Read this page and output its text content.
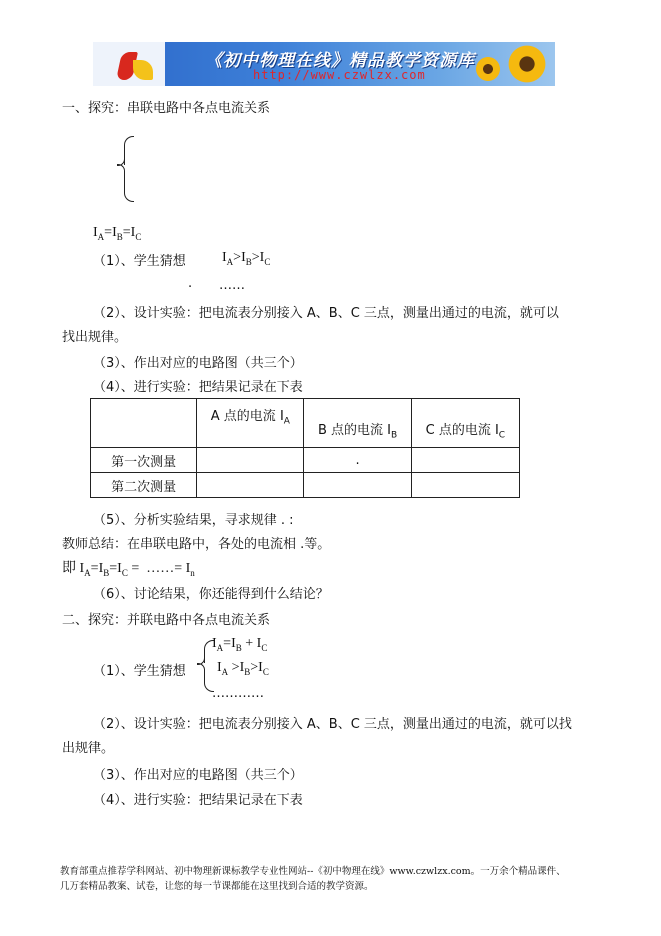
《初中物理在线》精品教学资源库
http://www.czwlzx.com
一、探究：串联电路中各点电流关系
$I_A=I_B=I_C$
（1）、学生猜想	$I_A>I_B>I_C$
. ……
（2）、设计实验：把电流表分别接入 A、B、C 三点，测量出通过的电流，就可以
找出规律。
（3）、作出对应的电路图（共三个）
（4）、进行实验：把结果记录在下表
	A 点的电流 $I_A$	B 点的电流 $I_B$	C 点的电流 $I_C$
第一次测量		.	
第二次测量			
（5）、分析实验结果，寻求规律 . :
教师总结：在串联电路中，各处的电流相 .等。
即 $I_A=I_B=I_C$ =  ……= $I_n$
（6）、讨论结果，你还能得到什么结论？
二、探究：并联电路中各点电流关系
$I_A=I_B + I_C$
（1）、学生猜想 $I_A >I_B>I_C$
…………
（2）、设计实验：把电流表分别接入 A、B、C 三点，测量出通过的电流，就可以找
出规律。
（3）、作出对应的电路图（共三个）
（4）、进行实验：把结果记录在下表
教育部重点推荐学科网站、初中物理新课标教学专业性网站--《初中物理在线》www.czwlzx.com。一万余个精品课件、
几万套精品教案、试卷，让您的每一节课都能在这里找到合适的教学资源。
